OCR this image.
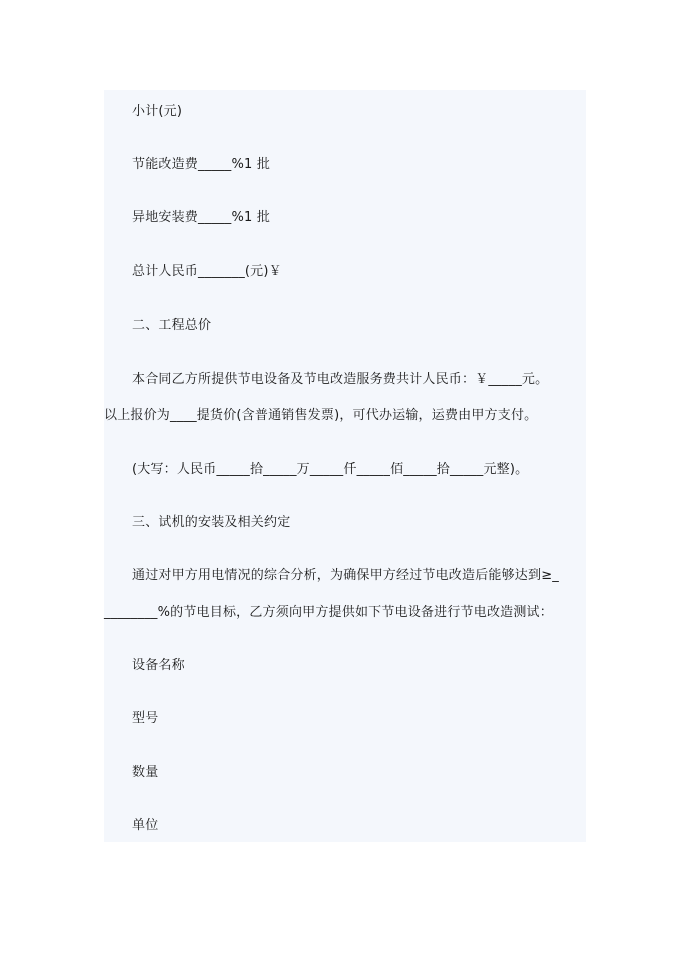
小计(元)
节能改造费_____%1 批
异地安装费_____%1 批
总计人民币_______(元)￥
二、工程总价
本合同乙方所提供节电设备及节电改造服务费共计人民币：￥_____元。
以上报价为____提货价(含普通销售发票)，可代办运输，运费由甲方支付。
(大写：人民币_____拾_____万_____仟_____佰_____拾_____元整)。
三、试机的安装及相关约定
通过对甲方用电情况的综合分析，为确保甲方经过节电改造后能够达到≥_
________%的节电目标，乙方须向甲方提供如下节电设备进行节电改造测试：
设备名称
型号
数量
单位
